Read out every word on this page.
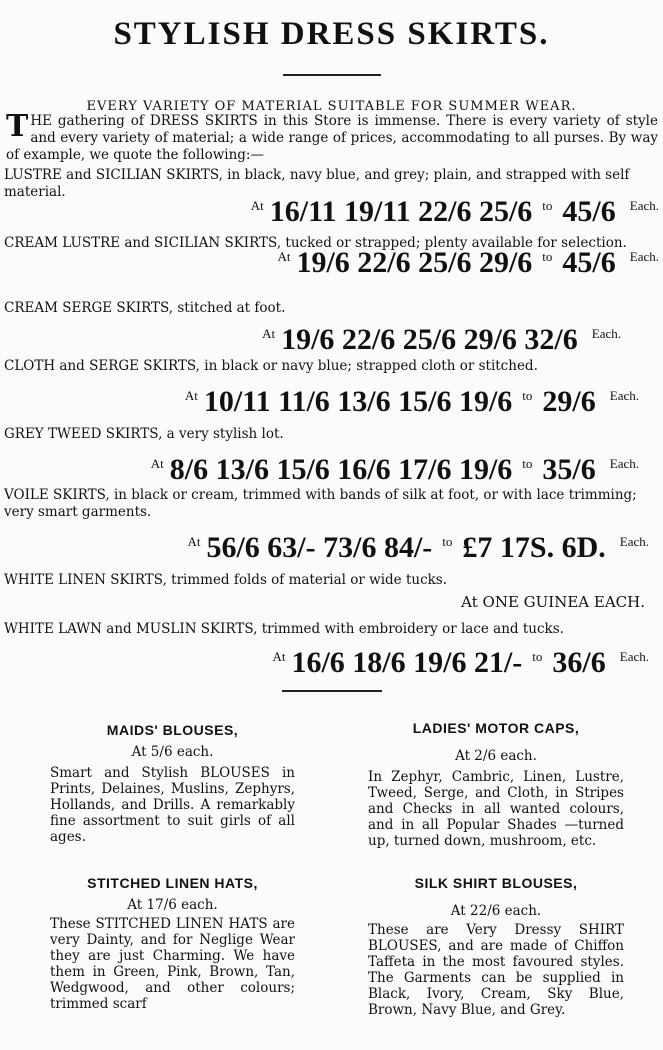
STYLISH DRESS SKIRTS.
EVERY VARIETY OF MATERIAL SUITABLE FOR SUMMER WEAR.
THE gathering of DRESS SKIRTS in this Store is immense. There is every variety of style and every variety of material; a wide range of prices, accommodating to all purses. By way of example, we quote the following:—
LUSTRE and SICILIAN SKIRTS, in black, navy blue, and grey; plain, and strapped with self material.
$^{At}$ 16/11 19/11 22/6 25/6 $^{to}$ 45/6 $^{Each.}$
CREAM LUSTRE and SICILIAN SKIRTS, tucked or strapped; plenty available for selection.
$^{At}$ 19/6 22/6 25/6 29/6 $^{to}$ 45/6 $^{Each.}$
CREAM SERGE SKIRTS, stitched at foot.
$^{At}$ 19/6 22/6 25/6 29/6 32/6 $^{Each.}$
CLOTH and SERGE SKIRTS, in black or navy blue; strapped cloth or stitched.
$^{At}$ 10/11 11/6 13/6 15/6 19/6 $^{to}$ 29/6 $^{Each.}$
GREY TWEED SKIRTS, a very stylish lot.
$^{At}$ 8/6 13/6 15/6 16/6 17/6 19/6 $^{to}$ 35/6 $^{Each.}$
VOILE SKIRTS, in black or cream, trimmed with bands of silk at foot, or with lace trimming; very smart garments.
$^{At}$ 56/6 63/- 73/6 84/- $^{to}$ £7 17S. 6D. $^{Each.}$
WHITE LINEN SKIRTS, trimmed folds of material or wide tucks.
At ONE GUINEA EACH.
WHITE LAWN and MUSLIN SKIRTS, trimmed with embroidery or lace and tucks.
$^{At}$ 16/6 18/6 19/6 21/- $^{to}$ 36/6 $^{Each.}$
MAIDS' BLOUSES,
At 5/6 each.
Smart and Stylish BLOUSES in Prints, Delaines, Muslins, Zephyrs, Hollands, and Drills. A remarkably fine assortment to suit girls of all ages.
STITCHED LINEN HATS,
At 17/6 each.
These STITCHED LINEN HATS are very Dainty, and for Neglige Wear they are just Charming. We have them in Green, Pink, Brown, Tan, Wedgwood, and other colours; trimmed scarf
LADIES' MOTOR CAPS,
At 2/6 each.
In Zephyr, Cambric, Linen, Lustre, Tweed, Serge, and Cloth, in Stripes and Checks in all wanted colours, and in all Popular Shades —turned up, turned down, mushroom, etc.
SILK SHIRT BLOUSES,
At 22/6 each.
These are Very Dressy SHIRT BLOUSES, and are made of Chiffon Taffeta in the most favoured styles. The Garments can be supplied in Black, Ivory, Cream, Sky Blue, Brown, Navy Blue, and Grey.
